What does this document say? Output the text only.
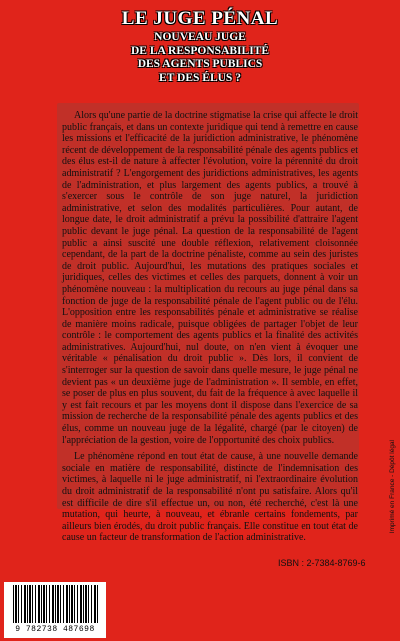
LE JUGE PÉNAL
NOUVEAU JUGE
DE LA RESPONSABILITÉ
DES AGENTS PUBLICS
ET DES ÉLUS ?

Alors qu'une partie de la doctrine stigmatise la crise qui affecte le droit public français, et dans un contexte juridique qui tend à remettre en cause les missions et l'efficacité de la juridiction administrative, le phénomène récent de développement de la responsabilité pénale des agents publics et des élus est-il de nature à affecter l'évolution, voire la pérennité du droit administratif ? L'engorgement des juridictions administratives, les agents de l'administration, et plus largement des agents publics, a trouvé à s'exercer sous le contrôle de son juge naturel, la juridiction administrative, et selon des modalités particulières. Pour autant, de longue date, le droit administratif a prévu la possibilité d'attraire l'agent public devant le juge pénal. La question de la responsabilité de l'agent public a ainsi suscité une double réflexion, relativement cloisonnée cependant, de la part de la doctrine pénaliste, comme au sein des juristes de droit public. Aujourd'hui, les mutations des pratiques sociales et juridiques, celles des victimes et celles des parquets, donnent à voir un phénomène nouveau : la multiplication du recours au juge pénal dans sa fonction de juge de la responsabilité pénale de l'agent public ou de l'élu. L'opposition entre les responsabilités pénale et administrative se réalise de manière moins radicale, puisque obligées de partager l'objet de leur contrôle : le comportement des agents publics et la finalité des activités administratives. Aujourd'hui, nul doute, on n'en vient à évoquer une véritable « pénalisation du droit public ». Dès lors, il convient de s'interroger sur la question de savoir dans quelle mesure, le juge pénal ne devient pas « un deuxième juge de l'administration ». Il semble, en effet, se poser de plus en plus souvent, du fait de la fréquence à avec laquelle il y est fait recours et par les moyens dont il dispose dans l'exercice de sa mission de recherche de la responsabilité pénale des agents publics et des élus, comme un nouveau juge de la légalité, chargé (par le citoyen) de l'appréciation de la gestion, voire de l'opportunité des choix publics.

Le phénomène répond en tout état de cause, à une nouvelle demande sociale en matière de responsabilité, distincte de l'indemnisation des victimes, à laquelle ni le juge administratif, ni l'extraordinaire évolution du droit administratif de la responsabilité n'ont pu satisfaire. Alors qu'il est difficile de dire s'il effectue un, ou non, été recherché, c'est là une mutation, qui heurte, à nouveau, et ébranle certains fondements, par ailleurs bien érodés, du droit public français. Elle constitue en tout état de cause un facteur de transformation de l'action administrative.

Imprimé en France - Dépôt légal
ISBN : 2-7384-8769-6
9 782738 487698
